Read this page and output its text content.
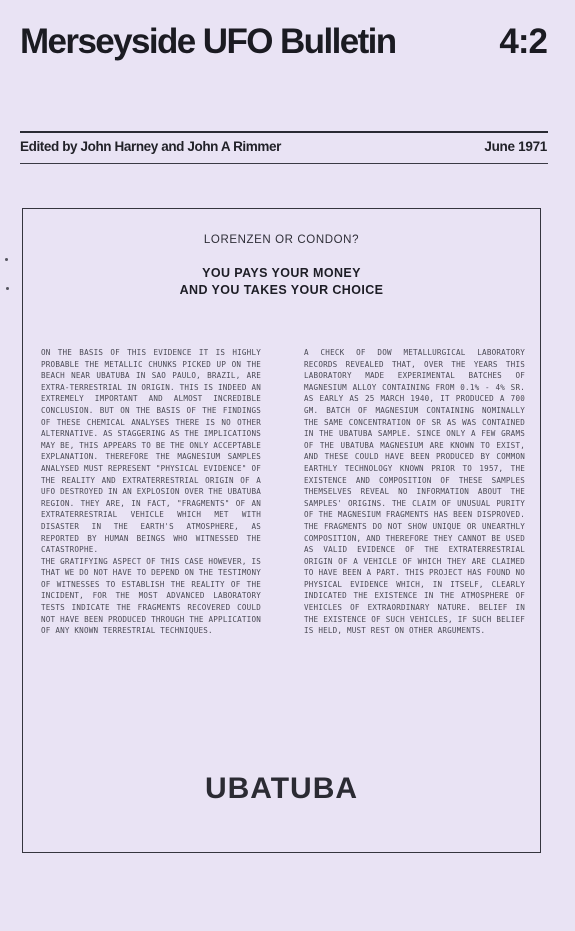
Merseyside UFO Bulletin	4:2
Edited by John Harney and John A Rimmer	June 1971
LORENZEN OR CONDON?
YOU PAYS YOUR MONEY
AND YOU TAKES YOUR CHOICE

ON THE BASIS OF THIS EVIDENCE IT IS HIGHLY PROBABLE THE METALLIC CHUNKS PICKED UP ON THE BEACH NEAR UBATUBA IN SAO PAULO, BRAZIL, ARE EXTRA-TERRESTRIAL IN ORIGIN. THIS IS INDEED AN EXTREMELY IMPORTANT AND ALMOST INCREDIBLE CONCLUSION. BUT ON THE BASIS OF THE FINDINGS OF THESE CHEMICAL ANALYSES THERE IS NO OTHER ALTERNATIVE. AS STAGGERING AS THE IMPLICATIONS MAY BE, THIS APPEARS TO BE THE ONLY ACCEPTABLE EXPLANATION. THEREFORE THE MAGNESIUM SAMPLES ANALYSED MUST REPRESENT "PHYSICAL EVIDENCE" OF THE REALITY AND EXTRATERRESTRIAL ORIGIN OF A UFO DESTROYED IN AN EXPLOSION OVER THE UBATUBA REGION. THEY ARE, IN FACT, "FRAGMENTS" OF AN EXTRATERRESTRIAL VEHICLE WHICH MET WITH DISASTER IN THE EARTH'S ATMOSPHERE, AS REPORTED BY HUMAN BEINGS WHO WITNESSED THE CATASTROPHE.

THE GRATIFYING ASPECT OF THIS CASE HOWEVER, IS THAT WE DO NOT HAVE TO DEPEND ON THE TESTIMONY OF WITNESSES TO ESTABLISH THE REALITY OF THE INCIDENT, FOR THE MOST ADVANCED LABORATORY TESTS INDICATE THE FRAGMENTS RECOVERED COULD NOT HAVE BEEN PRODUCED THROUGH THE APPLICATION OF ANY KNOWN TERRESTRIAL TECHNIQUES.

A CHECK OF DOW METALLURGICAL LABORATORY RECORDS REVEALED THAT, OVER THE YEARS THIS LABORATORY MADE EXPERIMENTAL BATCHES OF MAGNESIUM ALLOY CONTAINING FROM 0.1% - 4% SR. AS EARLY AS 25 MARCH 1940, IT PRODUCED A 700 GM. BATCH OF MAGNESIUM CONTAINING NOMINALLY THE SAME CONCENTRATION OF SR AS WAS CONTAINED IN THE UBATUBA SAMPLE. SINCE ONLY A FEW GRAMS OF THE UBATUBA MAGNESIUM ARE KNOWN TO EXIST, AND THESE COULD HAVE BEEN PRODUCED BY COMMON EARTHLY TECHNOLOGY KNOWN PRIOR TO 1957, THE EXISTENCE AND COMPOSITION OF THESE SAMPLES THEMSELVES REVEAL NO INFORMATION ABOUT THE SAMPLES' ORIGINS. THE CLAIM OF UNUSUAL PURITY OF THE MAGNESIUM FRAGMENTS HAS BEEN DISPROVED. THE FRAGMENTS DO NOT SHOW UNIQUE OR UNEARTHLY COMPOSITION, AND THEREFORE THEY CANNOT BE USED AS VALID EVIDENCE OF THE EXTRATERRESTRIAL ORIGIN OF A VEHICLE OF WHICH THEY ARE CLAIMED TO HAVE BEEN A PART. THIS PROJECT HAS FOUND NO PHYSICAL EVIDENCE WHICH, IN ITSELF, CLEARLY INDICATED THE EXISTENCE IN THE ATMOSPHERE OF VEHICLES OF EXTRAORDINARY NATURE. BELIEF IN THE EXISTENCE OF SUCH VEHICLES, IF SUCH BELIEF IS HELD, MUST REST ON OTHER ARGUMENTS.

UBATUBA
